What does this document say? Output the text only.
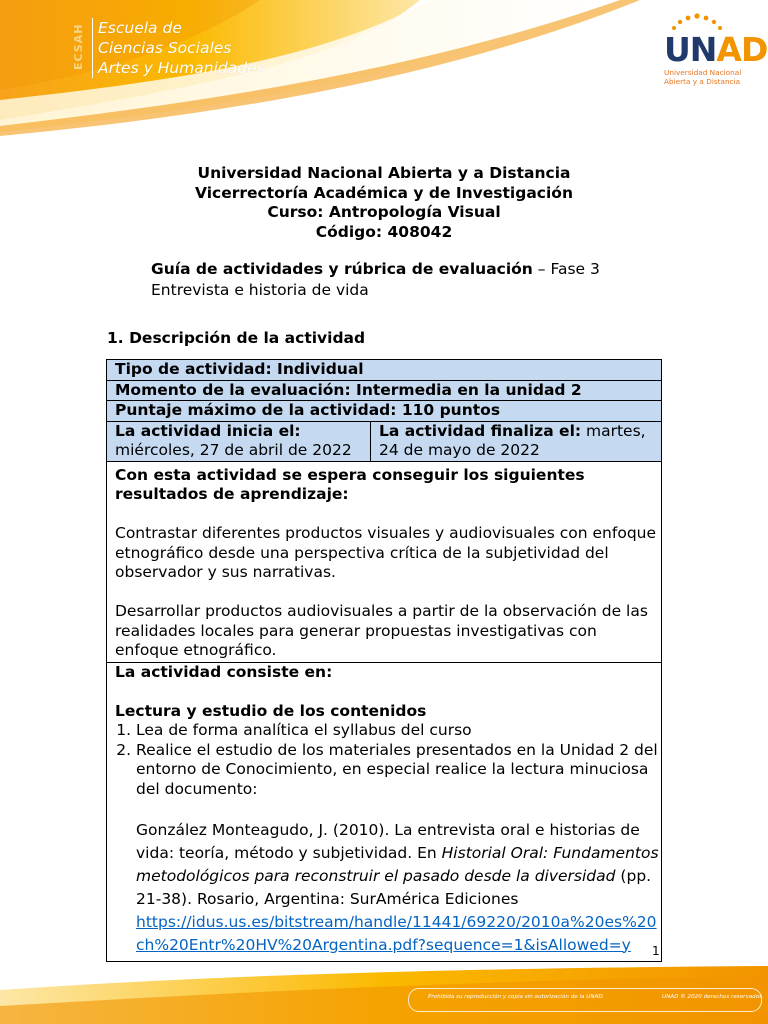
ECSAH Escuela de
Ciencias Sociales
Artes y Humanidades	UNAD
Universidad Nacional
Abierta y a Distancia
Universidad Nacional Abierta y a Distancia
Vicerrectoría Académica y de Investigación
Curso: Antropología Visual
Código: 408042
Guía de actividades y rúbrica de evaluación – Fase 3
Entrevista e historia de vida
1. Descripción de la actividad
Tipo de actividad: Individual
Momento de la evaluación: Intermedia en la unidad 2
Puntaje máximo de la actividad: 110 puntos

La actividad inicia el:
miércoles, 27 de abril de 2022

La actividad finaliza el: martes,
24 de mayo de 2022

Con esta actividad se espera conseguir los siguientes resultados de aprendizaje:
Contrastar diferentes productos visuales y audiovisuales con enfoque etnográfico desde una perspectiva crítica de la subjetividad del observador y sus narrativas.
Desarrollar productos audiovisuales a partir de la observación de las realidades locales para generar propuestas investigativas con enfoque etnográfico.

La actividad consiste en:
Lectura y estudio de los contenidos
1. Lea de forma analítica el syllabus del curso
2. Realice el estudio de los materiales presentados en la Unidad 2 del entorno de Conocimiento, en especial realice la lectura minuciosa del documento:
González Monteagudo, J. (2010). La entrevista oral e historias de vida: teoría, método y subjetividad. En Historial Oral: Fundamentos metodológicos para reconstruir el pasado desde la diversidad (pp. 21-38). Rosario, Argentina: SurAmérica Ediciones
https://idus.us.es/bitstream/handle/11441/69220/2010a%20es%20ch%20Entr%20HV%20Argentina.pdf?sequence=1&isAllowed=y	1
Prohibida su reproducción y copia sin autorización de la UNAD.	UNAD © 2020 derechos reservados.
